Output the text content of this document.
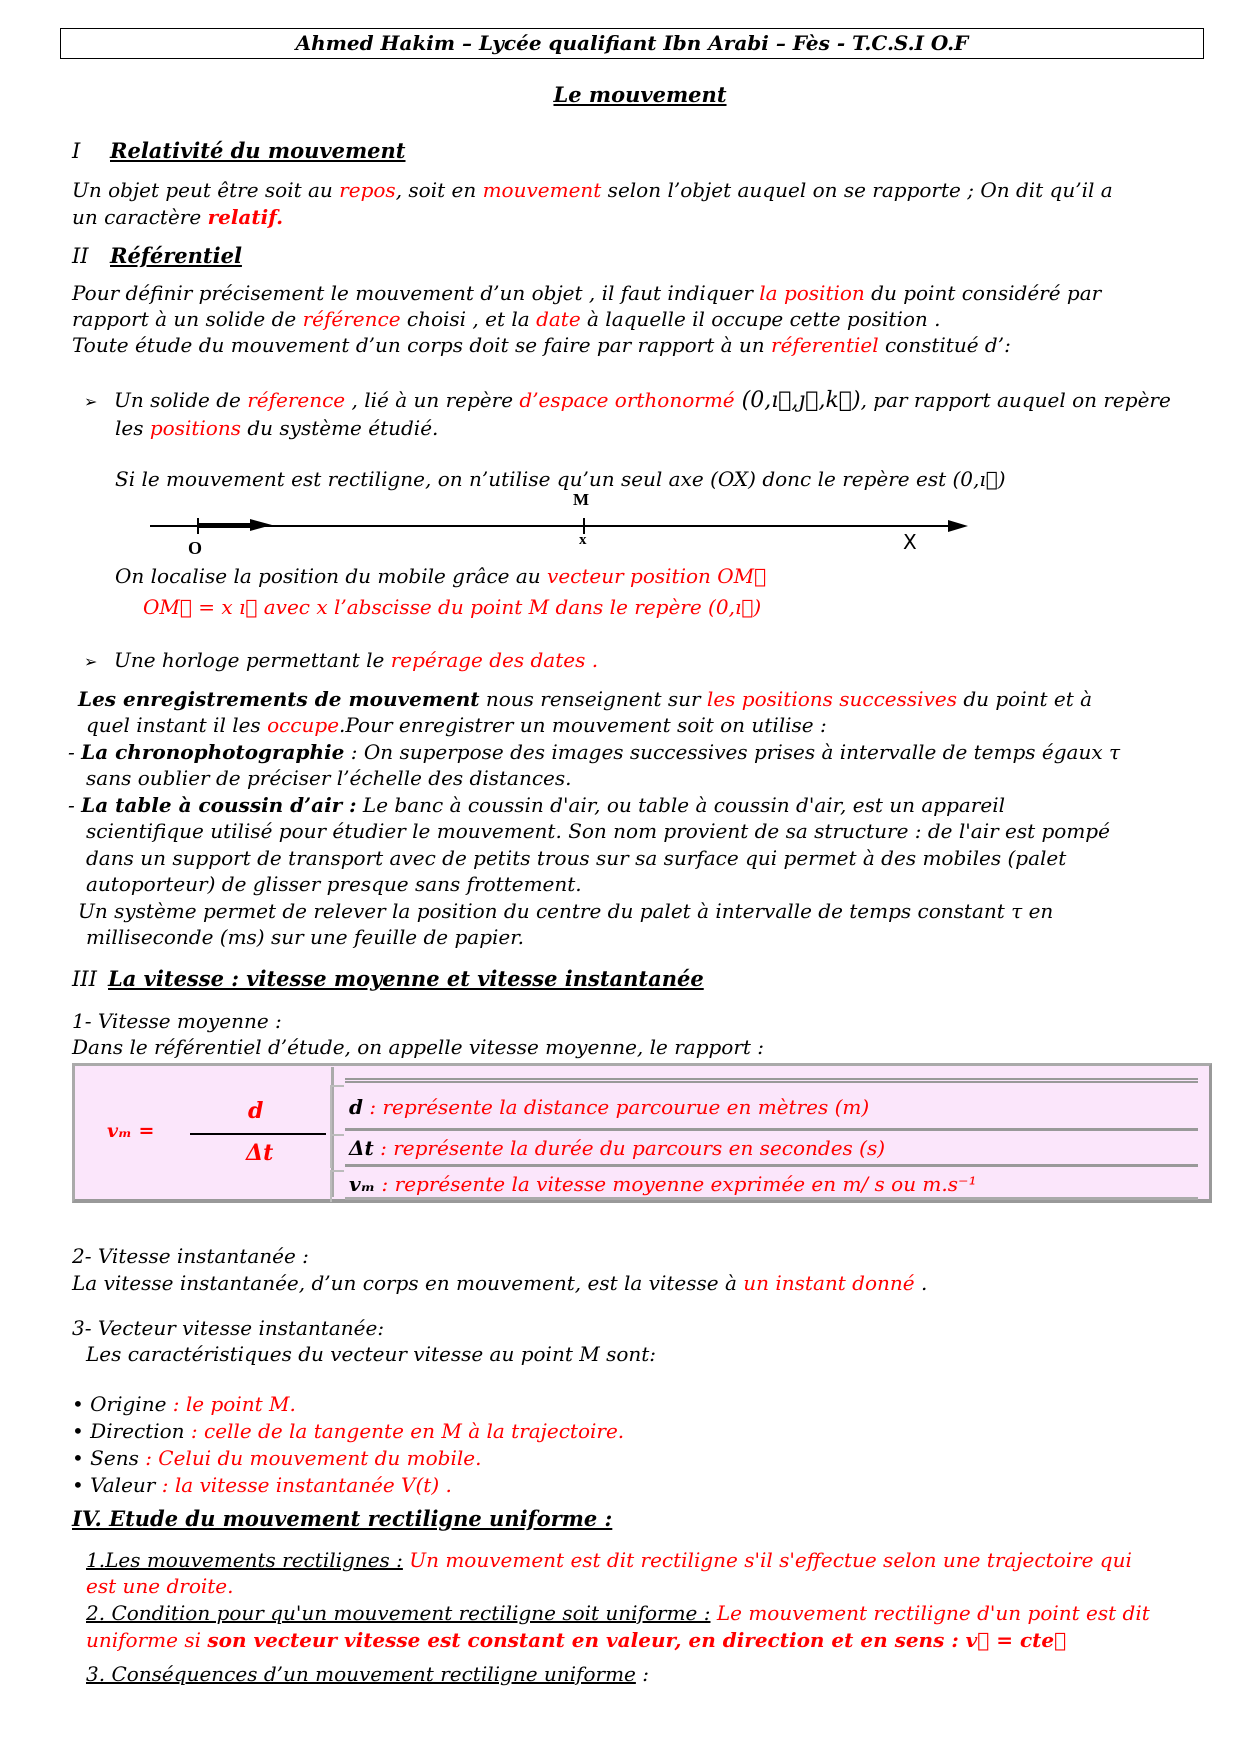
Ahmed Hakim – Lycée qualifiant Ibn Arabi – Fès - T.C.S.I O.F
Le mouvement
I Relativité du mouvement
Un objet peut être soit au repos, soit en mouvement selon l’objet auquel on se rapporte ; On dit qu’il a
un caractère relatif.
II Référentiel
Pour définir précisement le mouvement d’un objet , il faut indiquer la position du point considéré par
rapport à un solide de référence choisi , et la date à laquelle il occupe cette position .
Toute étude du mouvement d’un corps doit se faire par rapport à un réferentiel constitué d’:
➢ Un solide de réference , lié à un repère d’espace orthonormé (0,ı⃗,ȷ⃗,k⃗), par rapport auquel on repère
les positions du système étudié.
Si le mouvement est rectiligne, on n’utilise qu’un seul axe (OX) donc le repère est (0,ı⃗)
M
O	x	X
On localise la position du mobile grâce au vecteur position OM⃗
OM⃗ = x ı⃗ avec x l’abscisse du point M dans le repère (0,ı⃗)
➢ Une horloge permettant le repérage des dates .
Les enregistrements de mouvement nous renseignent sur les positions successives du point et à
quel instant il les occupe.Pour enregistrer un mouvement soit on utilise :
- La chronophotographie : On superpose des images successives prises à intervalle de temps égaux τ
sans oublier de préciser l’échelle des distances.
- La table à coussin d’air : Le banc à coussin d'air, ou table à coussin d'air, est un appareil
scientifique utilisé pour étudier le mouvement. Son nom provient de sa structure : de l'air est pompé
dans un support de transport avec de petits trous sur sa surface qui permet à des mobiles (palet
autoporteur) de glisser presque sans frottement.
Un système permet de relever la position du centre du palet à intervalle de temps constant τ en
milliseconde (ms) sur une feuille de papier.
III La vitesse : vitesse moyenne et vitesse instantanée
1- Vitesse moyenne :
Dans le référentiel d’étude, on appelle vitesse moyenne, le rapport :
vₘ =
d
Δt
d : représente la distance parcourue en mètres (m)
Δt : représente la durée du parcours en secondes (s)
vₘ : représente la vitesse moyenne exprimée en m/ s ou m.s⁻¹
2- Vitesse instantanée :
La vitesse instantanée, d’un corps en mouvement, est la vitesse à un instant donné .
3- Vecteur vitesse instantanée:
Les caractéristiques du vecteur vitesse au point M sont:
• Origine : le point M.
• Direction : celle de la tangente en M à la trajectoire.
• Sens : Celui du mouvement du mobile.
• Valeur : la vitesse instantanée V(t) .
IV. Etude du mouvement rectiligne uniforme :
1.Les mouvements rectilignes : Un mouvement est dit rectiligne s'il s'effectue selon une trajectoire qui
est une droite.
2. Condition pour qu'un mouvement rectiligne soit uniforme : Le mouvement rectiligne d'un point est dit
uniforme si son vecteur vitesse est constant en valeur, en direction et en sens : v⃗ = cte⃗
3. Conséquences d’un mouvement rectiligne uniforme :
